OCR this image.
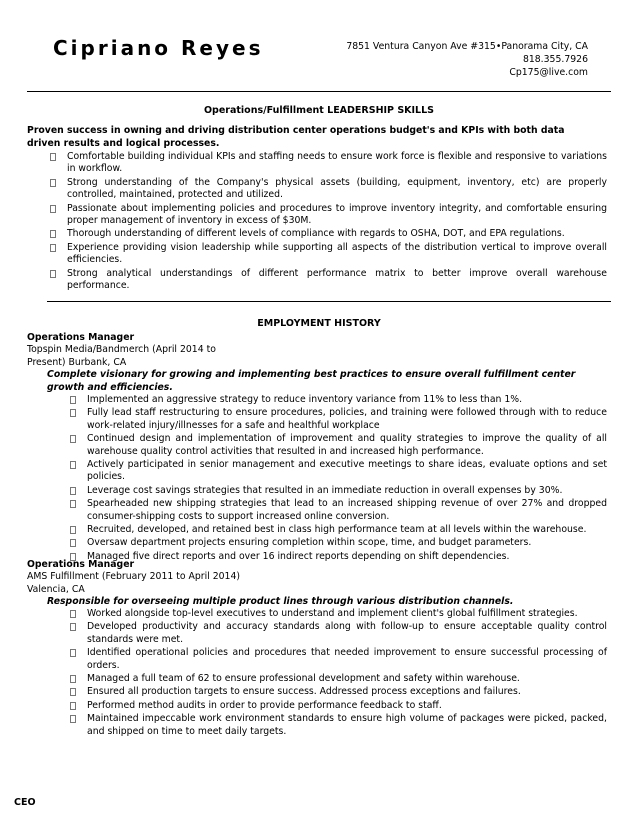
Cipriano Reyes	7851 Ventura Canyon Ave #315•Panorama City, CA
818.355.7926
Cp175@live.com
Operations/Fulfillment LEADERSHIP SKILLS
Proven success in owning and driving distribution center operations budget's and KPIs with both data driven results and logical processes.
Comfortable building individual KPIs and staffing needs to ensure work force is flexible and responsive to variations in workflow.
Strong understanding of the Company's physical assets (building, equipment, inventory, etc) are properly controlled, maintained, protected and utilized.
Passionate about implementing policies and procedures to improve inventory integrity, and comfortable ensuring proper management of inventory in excess of $30M.
Thorough understanding of different levels of compliance with regards to OSHA, DOT, and EPA regulations.
Experience providing vision leadership while supporting all aspects of the distribution vertical to improve overall efficiencies.
Strong analytical understandings of different performance matrix to better improve overall warehouse performance.
EMPLOYMENT HISTORY
Operations Manager
Topspin Media/Bandmerch (April 2014 to
Present) Burbank, CA
Complete visionary for growing and implementing best practices to ensure overall fulfillment center growth and efficiencies.
Implemented an aggressive strategy to reduce inventory variance from 11% to less than 1%.
Fully lead staff restructuring to ensure procedures, policies, and training were followed through with to reduce work-related injury/illnesses for a safe and healthful workplace
Continued design and implementation of improvement and quality strategies to improve the quality of all warehouse quality control activities that resulted in and increased high performance.
Actively participated in senior management and executive meetings to share ideas, evaluate options and set policies.
Leverage cost savings strategies that resulted in an immediate reduction in overall expenses by 30%.
Spearheaded new shipping strategies that lead to an increased shipping revenue of over 27% and dropped consumer-shipping costs to support increased online conversion.
Recruited, developed, and retained best in class high performance team at all levels within the warehouse.
Oversaw department projects ensuring completion within scope, time, and budget parameters.
Managed five direct reports and over 16 indirect reports depending on shift dependencies.
Operations Manager
AMS Fulfillment (February 2011 to April 2014)
Valencia, CA
Responsible for overseeing multiple product lines through various distribution channels.
Worked alongside top-level executives to understand and implement client's global fulfillment strategies.
Developed productivity and accuracy standards along with follow-up to ensure acceptable quality control standards were met.
Identified operational policies and procedures that needed improvement to ensure successful processing of orders.
Managed a full team of 62 to ensure professional development and safety within warehouse.
Ensured all production targets to ensure success. Addressed process exceptions and failures.
Performed method audits in order to provide performance feedback to staff.
Maintained impeccable work environment standards to ensure high volume of packages were picked, packed, and shipped on time to meet daily targets.
CEO
